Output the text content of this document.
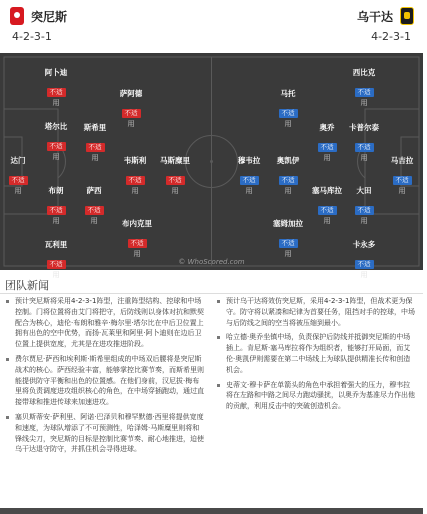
突尼斯
4-2-3-1
乌干达
4-2-3-1
阿卜迪
不适
用
萨阿德
不适
用
塔尔比
不适
用
斯希里
不适
用
达门
不适
用
韦斯利
不适
用
马斯糜里
不适
用
布朗
不适
用
萨西
不适
用	布内克里
不适
用
瓦利里
不适
用
西比克
不适
用
马托
不适
用	奥乔
不适
用
卡普尔泰
不适
用
穆韦拉
不适
用
奥凯伊
不适
用
马吉拉
不适
用
塞马库拉
不适
用
大田
不适
用
塞姆加拉
不适
用
卡永多
不适
用
© WhoScored.com
团队新闻
预计突尼斯将采用4-2-3-1阵型，注重阵型结构、控球和中场控制。门将位置将由艾门将把守，后防线则以身体对抗和默契配合为核心，迪伦·布朗和雅辛·梅尔里·塔尔比在中后卫位置上拥有出色的空中优势，而扬·瓦莱里和阿里·阿卜迪则在边后卫位置上提供宽度，尤其是在进攻推进阶段。
费尔贾尼·萨西和埃利斯·斯希里组成的中场双后腰将是突尼斯战术的核心。萨西经验丰富，能够掌控比赛节奏，而斯希里则能提供防守平衡和出色的位置感。在他们身前，汉尼拔·梅布里将负责调度进攻组织核心的角色，在中场穿插跑动，通过直接带球和推进传球来加速进攻。
塞贝斯蒂安·萨利里、阿诺·巴泽贝和穆罕默德·西里将提供宽度和速度，为球队增添了不可预测性，哈泽姆·马斯糜里则将和锋线尖刀，突尼斯的目标是控制比赛节奏、耐心地推进，迫使乌干达退守防守，并抓住机会寻得进球。
预计乌干达将效仿突尼斯，采用4-2-3-1阵型，但战术更为保守。防守将以紧凑和纪律为首要任务，阻挡对手的控球，中场与后防线之间的空当将被压缩到最小。
哈立德·奥乔坐镇中场，负责保护后防线并抵御突尼斯的中场插上。肯尼斯·塞马库拉将作为组织者，能够打开局面，而艾伦·奥凯伊则需要在第二中场线上为球队提供精准长传和创造机会。
史蒂文·穆卡萨在单箭头的角色中承担着强大的压力，穆韦拉将在左路和中路之间尽力跑动骚扰，以奥乔为基准尽力作出他的贡献，利用反击中的突破创造机会。
